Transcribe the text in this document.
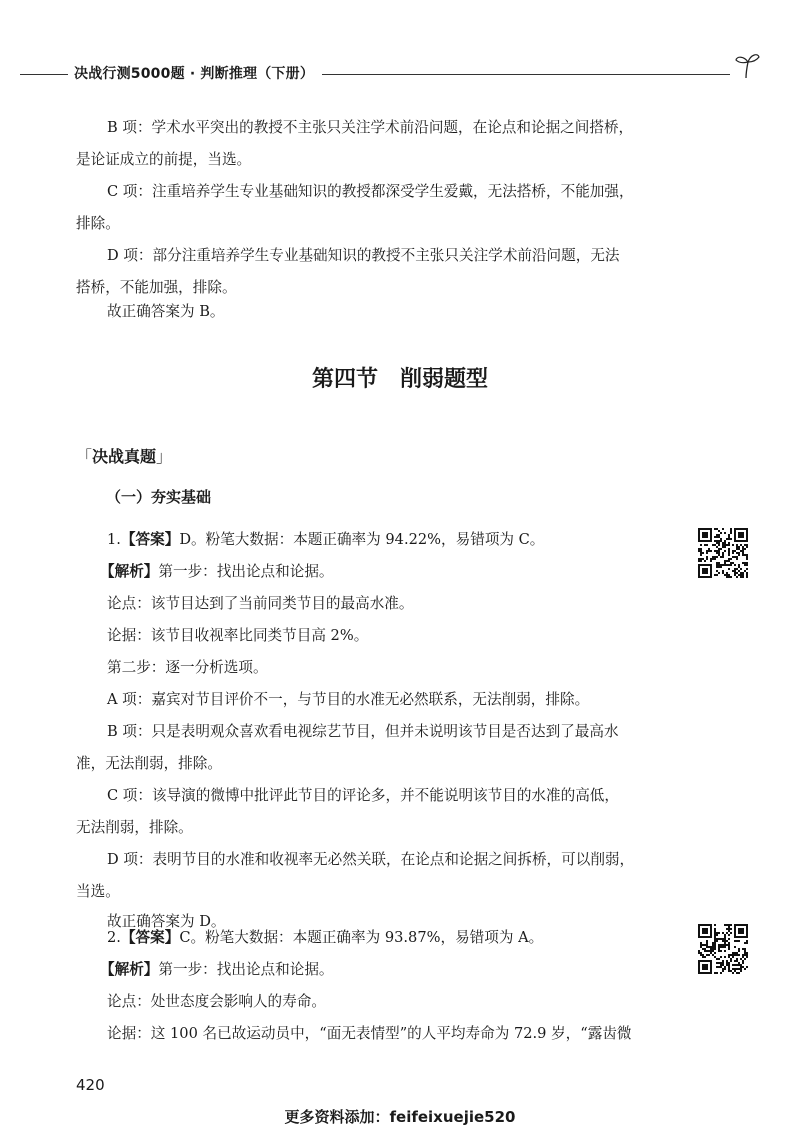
决战行测5000题 · 判断推理（下册）

B 项：学术水平突出的教授不主张只关注学术前沿问题，在论点和论据之间搭桥，

是论证成立的前提，当选。

C 项：注重培养学生专业基础知识的教授都深受学生爱戴，无法搭桥，不能加强，

排除。

D 项：部分注重培养学生专业基础知识的教授不主张只关注学术前沿问题，无法

搭桥，不能加强，排除。

故正确答案为 B。

第四节　削弱题型
「决战真题」
（一）夯实基础

1.【答案】D。粉笔大数据：本题正确率为 94.22%，易错项为 C。

【解析】第一步：找出论点和论据。

论点：该节目达到了当前同类节目的最高水准。

论据：该节目收视率比同类节目高 2%。

第二步：逐一分析选项。

A 项：嘉宾对节目评价不一，与节目的水准无必然联系，无法削弱，排除。

B 项：只是表明观众喜欢看电视综艺节目，但并未说明该节目是否达到了最高水

准，无法削弱，排除。

C 项：该导演的微博中批评此节目的评论多，并不能说明该节目的水准的高低，

无法削弱，排除。

D 项：表明节目的水准和收视率无必然关联，在论点和论据之间拆桥，可以削弱，

当选。

故正确答案为 D。

2.【答案】C。粉笔大数据：本题正确率为 93.87%，易错项为 A。

【解析】第一步：找出论点和论据。

论点：处世态度会影响人的寿命。

论据：这 100 名已故运动员中，“面无表情型”的人平均寿命为 72.9 岁，“露齿微

420
更多资料添加：feifeixuejie520
